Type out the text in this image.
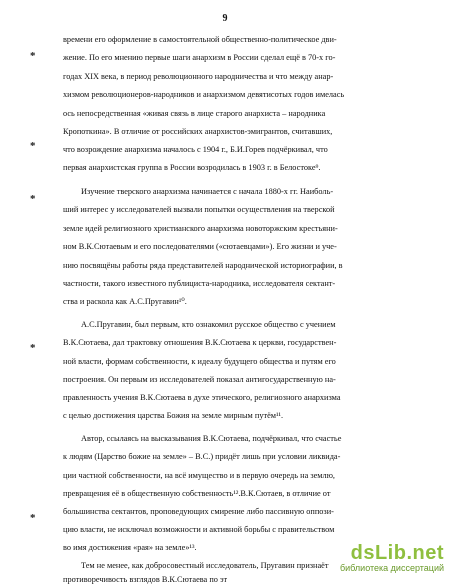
9
*
*
*
*
*
времени его оформление в самостоятельной общественно-политическое дви-
жение. По его мнению первые шаги анархизм в России сделал ещё в 70-х го-
годах XIX века, в период революционного народничества и что между анар-
хизмом революционеров-народников и анархизмом девятисотых годов имелась
ось непосредственная «живая связь в лице старого анархиста – народника
Кропоткина». В отличие от российских анархистов-эмигрантов, считавших,
что возрождение анархизма началось с 1904 г., Б.И.Горев подчёркивал, что
первая анархистская группа в России возродилась в 1903 г. в Белостоке⁹.
Изучение тверского анархизма начинается с начала 1880-х гг. Наиболь-
ший интерес у исследователей вызвали попытки осуществления на тверской
земле идей религиозного христианского анархизма новоторжским крестьяни-
ном В.К.Сютаевым и его последователями («сютаевцами»). Его жизни и уче-
нию посвящёны работы ряда представителей народнической историографии, в
частности, такого известного публициста-народника, исследователя сектант-
ства и раскола как А.С.Пругавин¹⁰.
А.С.Пругавин, был первым, кто ознакомил русское общество с учением
В.К.Сютаева, дал трактовку отношения В.К.Сютаева к церкви, государствен-
ной власти, формам собственности, к идеалу будущего общества и путям его
построения. Он первым из исследователей показал антигосударственную на-
правленность учения В.К.Сютаева в духе этического, религиозного анархизма
с целью достижения царства Божия на земле мирным путём¹¹.
Автор, ссылаясь на высказывания В.К.Сютаева, подчёркивал, что счастье
к людям (Царство божие на земле» – В.С.) придёт лишь при условии ликвида-
ции частной собственности, на всё имущество и в первую очередь на землю,
превращения её в общественную собственность¹².В.К.Сютаев, в отличие от
большинства сектантов, проповедующих смирение либо пассивную оппози-
цию власти, не исключал возможности и активной борьбы с правительством
во имя достижения «рая» на земле»¹³.
Тем не менее, как добросовестный исследователь, Пругавин признаёт
противоречивость взглядов В.К.Сютаева по эт
dsLib.net
библиотека диссертаций
